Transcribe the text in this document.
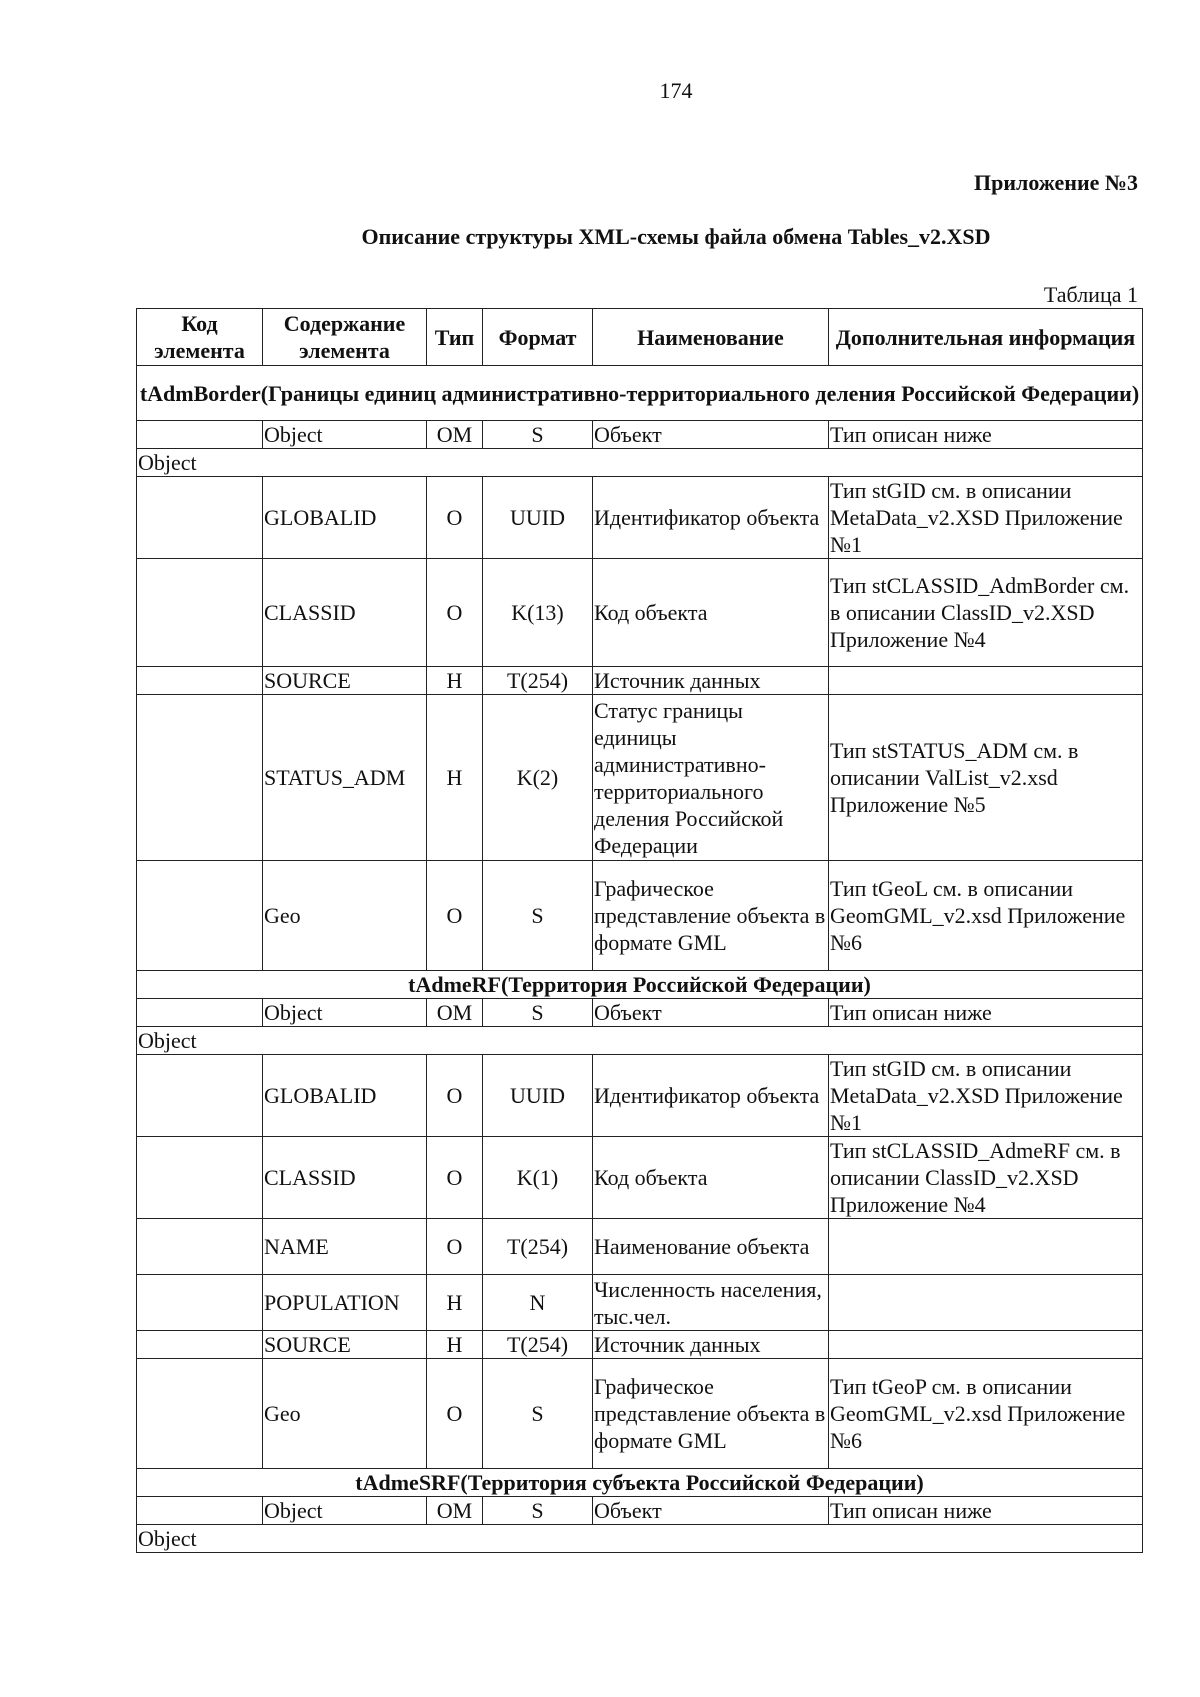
174
Приложение №3
Описание структуры XML-схемы файла обмена Tables_v2.XSD
Таблица 1
Код элемента	Содержание элемента	Тип	Формат	Наименование	Дополнительная информация
tAdmBorder(Границы единиц административно-территориального деления Российской Федерации)					
	Object	OM	S	Объект	Тип описан ниже
Object					
	GLOBALID	O	UUID	Идентификатор объекта	Тип stGID см. в описании MetaData_v2.XSD Приложение №1
	CLASSID	O	K(13)	Код объекта	Тип stCLASSID_AdmBorder см. в описании ClassID_v2.XSD Приложение №4
	SOURCE	H	T(254)	Источник данных	
	STATUS_ADM	H	K(2)	Статус границы единицы административно-территориального деления Российской Федерации	Тип stSTATUS_ADM см. в описании ValList_v2.xsd Приложение №5
	Geo	O	S	Графическое представление объекта в формате GML	Тип tGeoL см. в описании GeomGML_v2.xsd Приложение №6
tAdmeRF(Территория Российской Федерации)					
	Object	OM	S	Объект	Тип описан ниже
Object					
	GLOBALID	O	UUID	Идентификатор объекта	Тип stGID см. в описании MetaData_v2.XSD Приложение №1
	CLASSID	O	K(1)	Код объекта	Тип stCLASSID_AdmeRF см. в описании ClassID_v2.XSD Приложение №4
	NAME	O	T(254)	Наименование объекта	
	POPULATION	H	N	Численность населения, тыс.чел.	
	SOURCE	H	T(254)	Источник данных	
	Geo	O	S	Графическое представление объекта в формате GML	Тип tGeoP см. в описании GeomGML_v2.xsd Приложение №6
tAdmeSRF(Территория субъекта Российской Федерации)					
	Object	OM	S	Объект	Тип описан ниже
Object					
